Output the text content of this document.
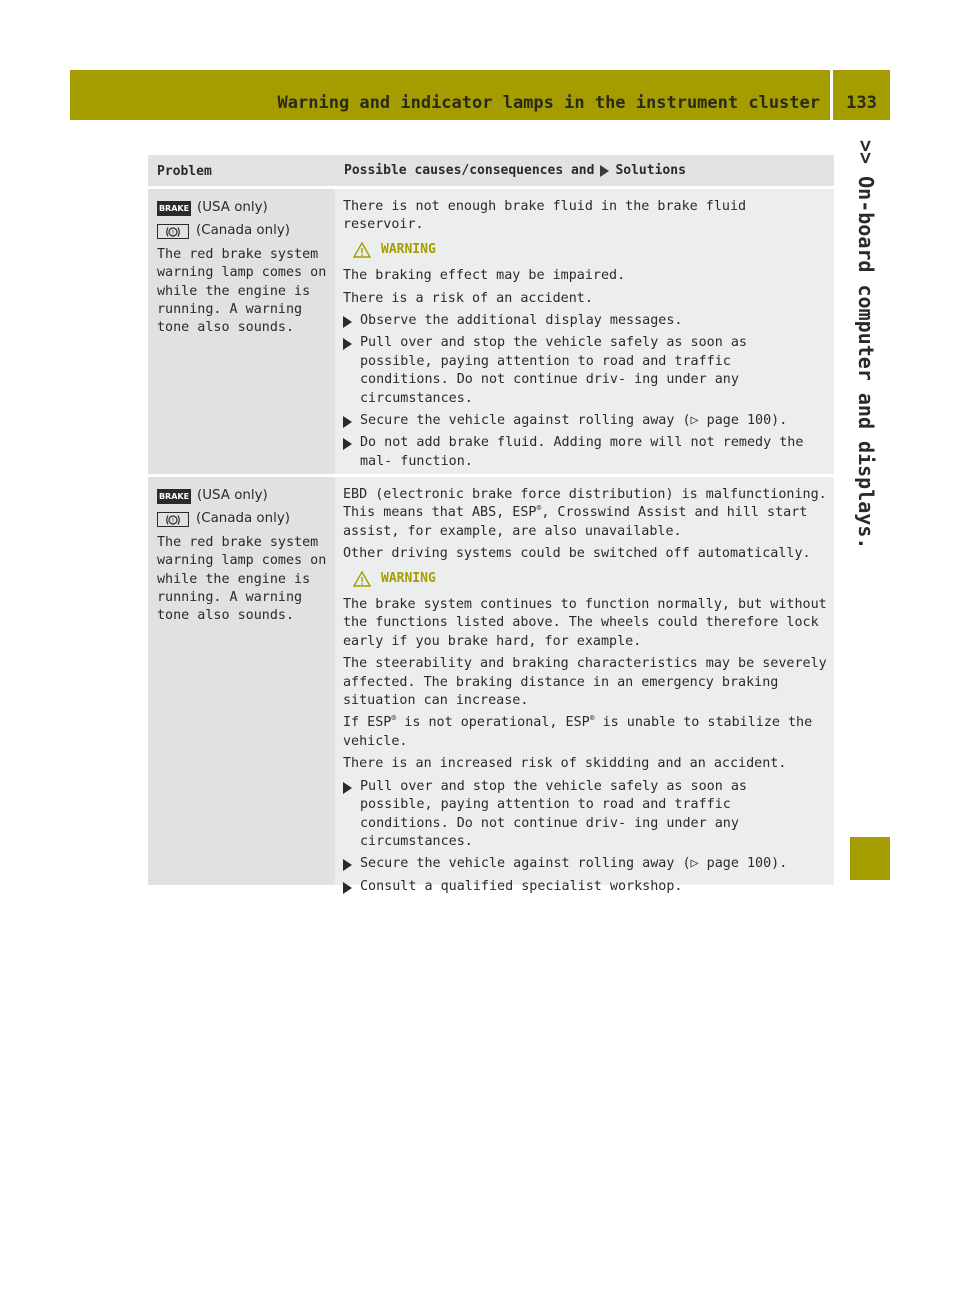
Warning and indicator lamps in the instrument cluster	133
>> On-board computer and displays.
Problem	Possible causes/consequences and Solutions
BRAKE (USA only)
! (Canada only)
The red brake system warning lamp comes on while the engine is running. A warning tone also sounds.

There is not enough brake fluid in the brake fluid reservoir.

WARNING

The braking effect may be impaired.

There is a risk of an accident.

Observe the additional display messages.
Pull over and stop the vehicle safely as soon as possible, paying attention to road and traffic conditions. Do not continue driv- ing under any circumstances.
Secure the vehicle against rolling away (▷ page 100).
Do not add brake fluid. Adding more will not remedy the mal- function.
BRAKE (USA only)
! (Canada only)
The red brake system warning lamp comes on while the engine is running. A warning tone also sounds.

EBD (electronic brake force distribution) is malfunctioning. This means that ABS, ESP®, Crosswind Assist and hill start assist, for example, are also unavailable.

Other driving systems could be switched off automatically.

WARNING

The brake system continues to function normally, but without the functions listed above. The wheels could therefore lock early if you brake hard, for example.

The steerability and braking characteristics may be severely affected. The braking distance in an emergency braking situation can increase.

If ESP® is not operational, ESP® is unable to stabilize the vehicle.

There is an increased risk of skidding and an accident.

Pull over and stop the vehicle safely as soon as possible, paying attention to road and traffic conditions. Do not continue driv- ing under any circumstances.
Secure the vehicle against rolling away (▷ page 100).
Consult a qualified specialist workshop.
